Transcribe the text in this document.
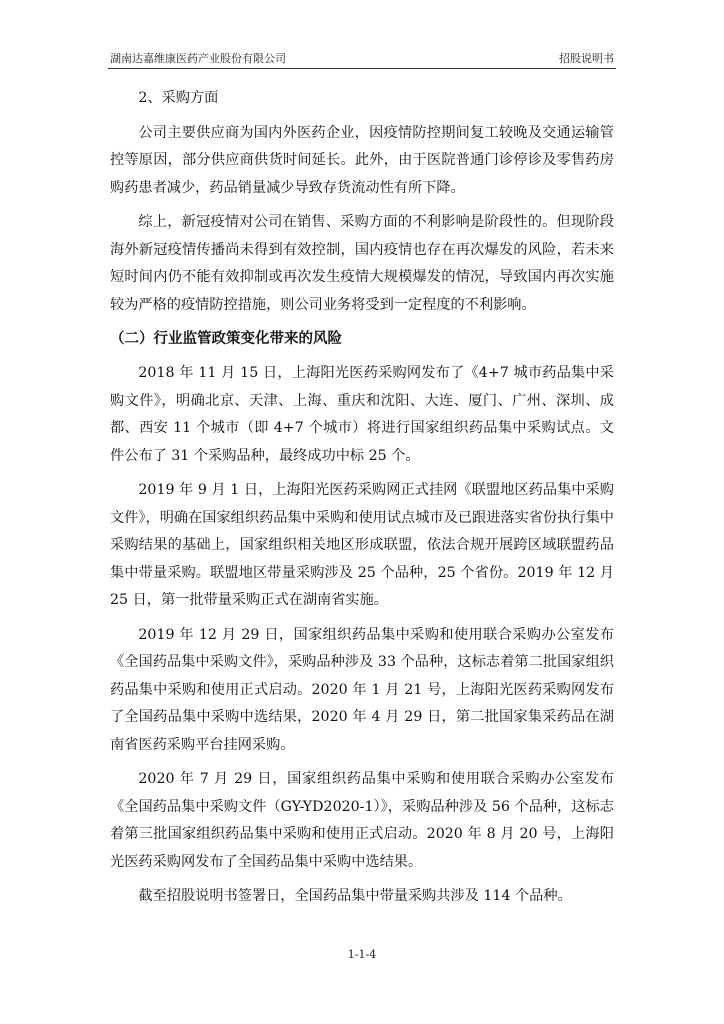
湖南达嘉维康医药产业股份有限公司	招股说明书

2、采购方面

公司主要供应商为国内外医药企业，因疫情防控期间复工较晚及交通运输管控等原因，部分供应商供货时间延长。此外，由于医院普通门诊停诊及零售药房购药患者减少，药品销量减少导致存货流动性有所下降。

综上，新冠疫情对公司在销售、采购方面的不利影响是阶段性的。但现阶段海外新冠疫情传播尚未得到有效控制，国内疫情也存在再次爆发的风险，若未来短时间内仍不能有效抑制或再次发生疫情大规模爆发的情况，导致国内再次实施较为严格的疫情防控措施，则公司业务将受到一定程度的不利影响。

（二）行业监管政策变化带来的风险

2018 年 11 月 15 日，上海阳光医药采购网发布了《4+7 城市药品集中采购文件》，明确北京、天津、上海、重庆和沈阳、大连、厦门、广州、深圳、成都、西安 11 个城市（即 4+7 个城市）将进行国家组织药品集中采购试点。文件公布了 31 个采购品种，最终成功中标 25 个。

2019 年 9 月 1 日，上海阳光医药采购网正式挂网《联盟地区药品集中采购文件》，明确在国家组织药品集中采购和使用试点城市及已跟进落实省份执行集中采购结果的基础上，国家组织相关地区形成联盟，依法合规开展跨区域联盟药品集中带量采购。联盟地区带量采购涉及 25 个品种，25 个省份。2019 年 12 月 25 日，第一批带量采购正式在湖南省实施。

2019 年 12 月 29 日，国家组织药品集中采购和使用联合采购办公室发布《全国药品集中采购文件》，采购品种涉及 33 个品种，这标志着第二批国家组织药品集中采购和使用正式启动。2020 年 1 月 21 号，上海阳光医药采购网发布了全国药品集中采购中选结果，2020 年 4 月 29 日，第二批国家集采药品在湖南省医药采购平台挂网采购。

2020 年 7 月 29 日，国家组织药品集中采购和使用联合采购办公室发布《全国药品集中采购文件（GY-YD2020-1）》，采购品种涉及 56 个品种，这标志着第三批国家组织药品集中采购和使用正式启动。2020 年 8 月 20 号，上海阳光医药采购网发布了全国药品集中采购中选结果。

截至招股说明书签署日，全国药品集中带量采购共涉及 114 个品种。

1-1-4
